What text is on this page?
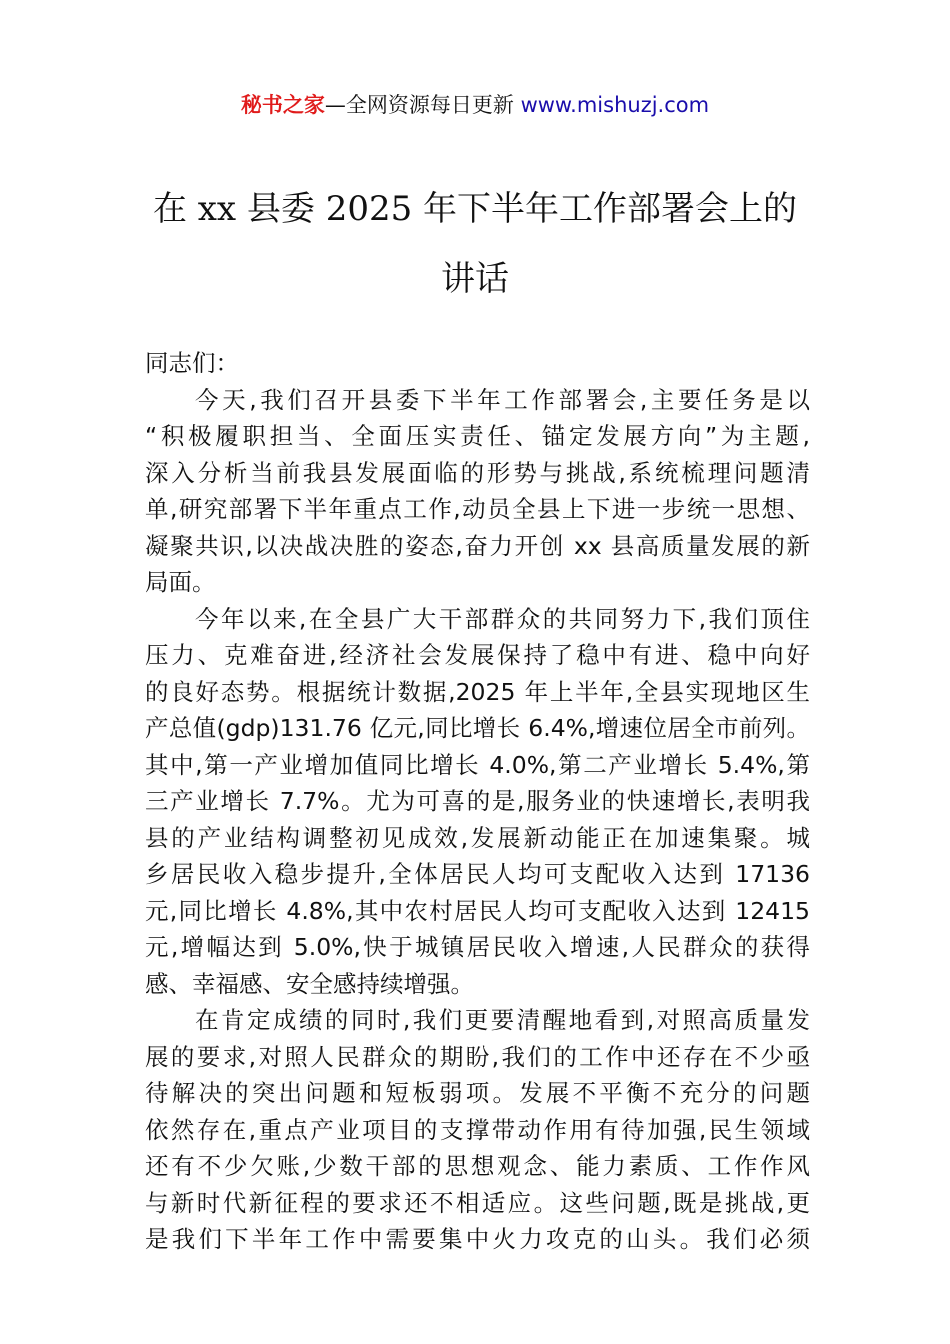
秘书之家—全网资源每日更新 www.mishuzj.com
在 xx 县委 2025 年下半年工作部署会上的
讲话
同志们：
今天,我们召开县委下半年工作部署会,主要任务是以
“积极履职担当、全面压实责任、锚定发展方向”为主题,
深入分析当前我县发展面临的形势与挑战,系统梳理问题清
单,研究部署下半年重点工作,动员全县上下进一步统一思想、
凝聚共识,以决战决胜的姿态,奋力开创 xx 县高质量发展的新
局面。
今年以来,在全县广大干部群众的共同努力下,我们顶住
压力、克难奋进,经济社会发展保持了稳中有进、稳中向好
的良好态势。根据统计数据,2025 年上半年,全县实现地区生
产总值(gdp)131.76 亿元,同比增长 6.4%,增速位居全市前列。
其中,第一产业增加值同比增长 4.0%,第二产业增长 5.4%,第
三产业增长 7.7%。尤为可喜的是,服务业的快速增长,表明我
县的产业结构调整初见成效,发展新动能正在加速集聚。城
乡居民收入稳步提升,全体居民人均可支配收入达到 17136
元,同比增长 4.8%,其中农村居民人均可支配收入达到 12415
元,增幅达到 5.0%,快于城镇居民收入增速,人民群众的获得
感、幸福感、安全感持续增强。
在肯定成绩的同时,我们更要清醒地看到,对照高质量发
展的要求,对照人民群众的期盼,我们的工作中还存在不少亟
待解决的突出问题和短板弱项。发展不平衡不充分的问题
依然存在,重点产业项目的支撑带动作用有待加强,民生领域
还有不少欠账,少数干部的思想观念、能力素质、工作作风
与新时代新征程的要求还不相适应。这些问题,既是挑战,更
是我们下半年工作中需要集中火力攻克的山头。我们必须
